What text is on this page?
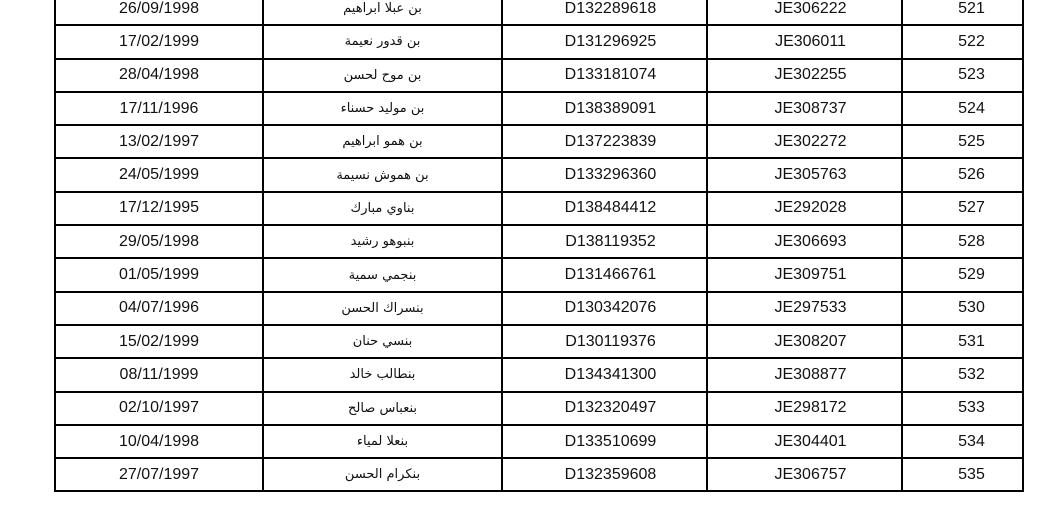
26/09/1998	بن عبلا ابراهيم	D132289618	JE306222	521
17/02/1999	بن قدور نعيمة	D131296925	JE306011	522
28/04/1998	بن موح لحسن	D133181074	JE302255	523
17/11/1996	بن موليد حسناء	D138389091	JE308737	524
13/02/1997	بن همو ابراهيم	D137223839	JE302272	525
24/05/1999	بن هموش نسيمة	D133296360	JE305763	526
17/12/1995	بناوي مبارك	D138484412	JE292028	527
29/05/1998	بنبوهو رشيد	D138119352	JE306693	528
01/05/1999	بنجمي سمية	D131466761	JE309751	529
04/07/1996	بنسراك الحسن	D130342076	JE297533	530
15/02/1999	بنسي حنان	D130119376	JE308207	531
08/11/1999	بنطالب خالد	D134341300	JE308877	532
02/10/1997	بنعباس صالح	D132320497	JE298172	533
10/04/1998	بنعلا لمياء	D133510699	JE304401	534
27/07/1997	بنكرام الحسن	D132359608	JE306757	535
